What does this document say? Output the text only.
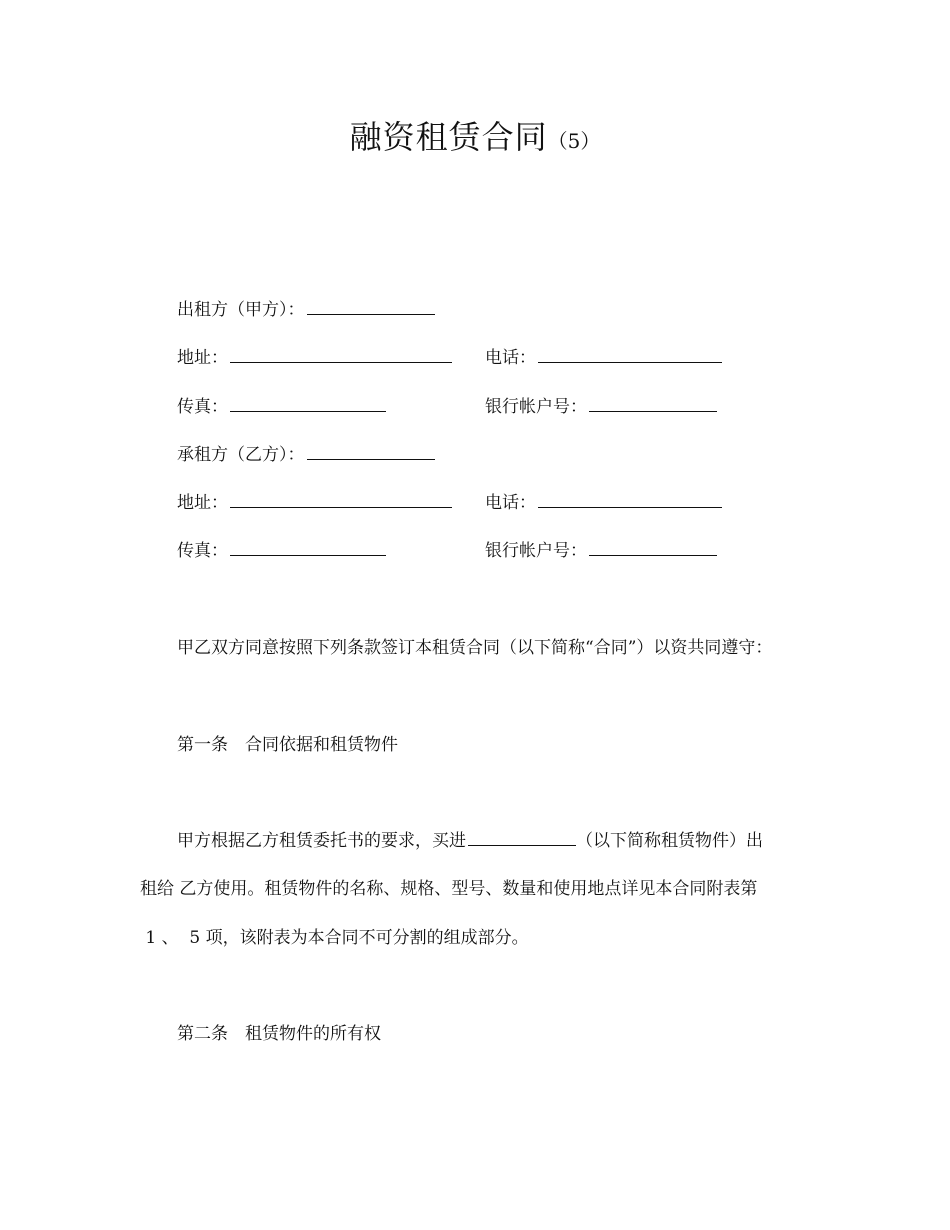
融资租赁合同（5）
出租方（甲方）：
地址：	电话：
传真：	银行帐户号：
承租方（乙方）：
地址：	电话：
传真：	银行帐户号：
甲乙双方同意按照下列条款签订本租赁合同（以下简称“合同”）以资共同遵守：
第一条　合同依据和租赁物件
甲方根据乙方租赁委托书的要求，买进	（以下简称租赁物件）出
租给 乙方使用。租赁物件的名称、规格、型号、数量和使用地点详见本合同附表第
1 、  5 项，该附表为本合同不可分割的组成部分。
第二条　租赁物件的所有权
